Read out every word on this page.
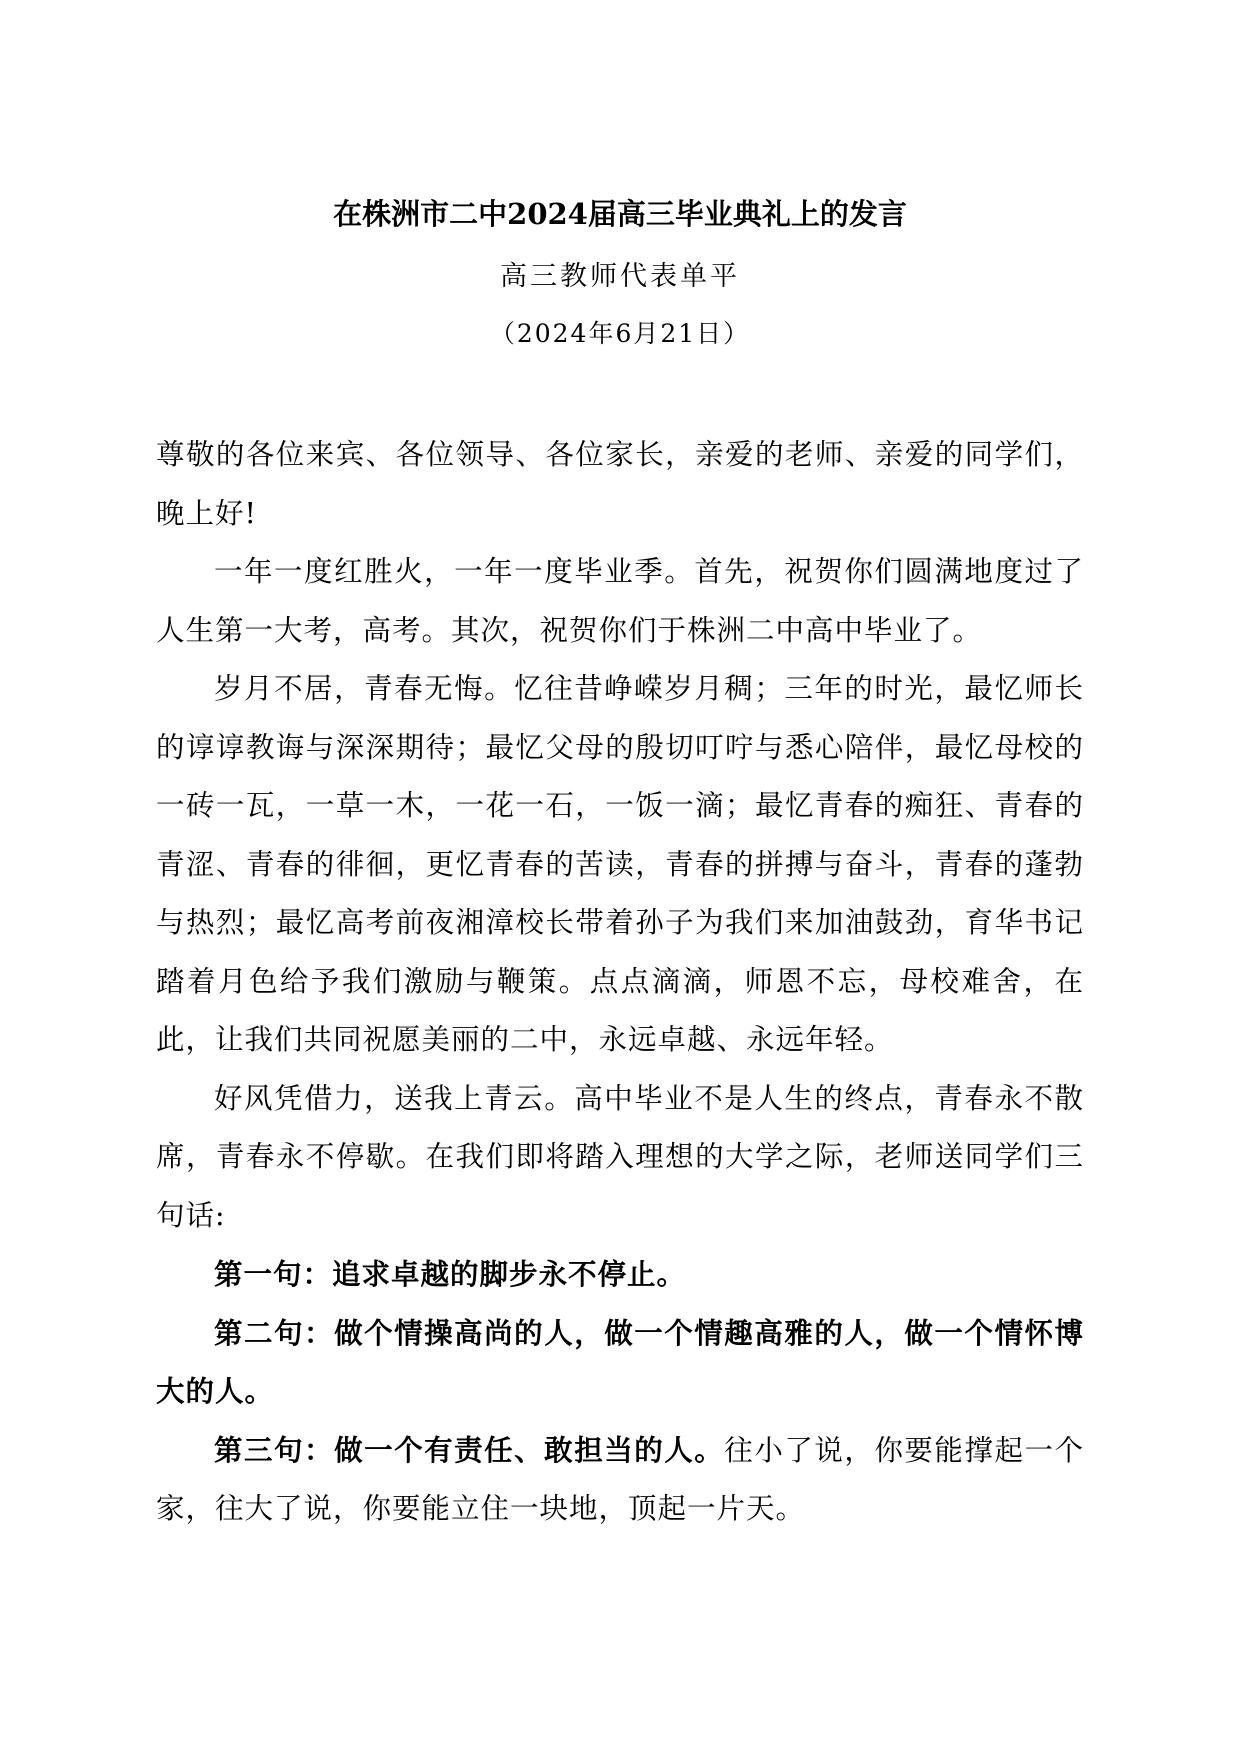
在株洲市二中2024届高三毕业典礼上的发言
高三教师代表单平
（2024年6月21日）

尊敬的各位来宾、各位领导、各位家长，亲爱的老师、亲爱的同学们，晚上好!

一年一度红胜火，一年一度毕业季。首先，祝贺你们圆满地度过了人生第一大考，高考。其次，祝贺你们于株洲二中高中毕业了。

岁月不居，青春无悔。忆往昔峥嵘岁月稠；三年的时光，最忆师长的谆谆教诲与深深期待；最忆父母的殷切叮咛与悉心陪伴，最忆母校的一砖一瓦，一草一木，一花一石，一饭一滴；最忆青春的痴狂、青春的青涩、青春的徘徊，更忆青春的苦读，青春的拼搏与奋斗，青春的蓬勃与热烈；最忆高考前夜湘漳校长带着孙子为我们来加油鼓劲，育华书记踏着月色给予我们激励与鞭策。点点滴滴，师恩不忘，母校难舍，在此，让我们共同祝愿美丽的二中，永远卓越、永远年轻。

好风凭借力，送我上青云。高中毕业不是人生的终点，青春永不散席，青春永不停歇。在我们即将踏入理想的大学之际，老师送同学们三句话:

第一句：追求卓越的脚步永不停止。

第二句：做个情操高尚的人，做一个情趣高雅的人，做一个情怀博大的人。

第三句：做一个有责任、敢担当的人。往小了说，你要能撑起一个家，往大了说，你要能立住一块地，顶起一片天。
